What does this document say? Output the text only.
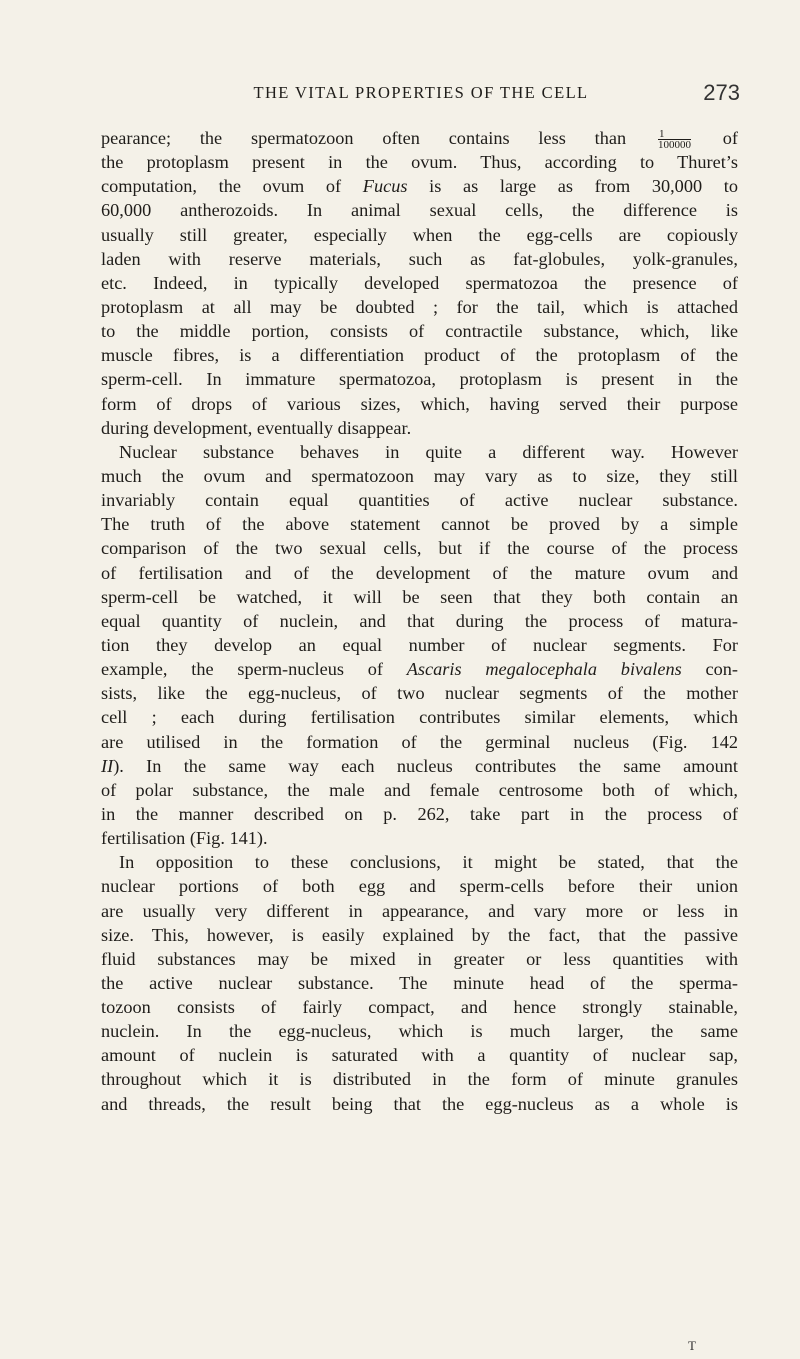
THE VITAL PROPERTIES OF THE CELL	273
pearance; the spermatozoon often contains less than $\frac{1}{100000}$ of
the protoplasm present in the ovum. Thus, according to Thuret’s
computation, the ovum of Fucus is as large as from 30,000 to
60,000 antherozoids. In animal sexual cells, the difference is
usually still greater, especially when the egg-cells are copiously
laden with reserve materials, such as fat-globules, yolk-granules,
etc. Indeed, in typically developed spermatozoa the presence of
protoplasm at all may be doubted ; for the tail, which is attached
to the middle portion, consists of contractile substance, which, like
muscle fibres, is a differentiation product of the protoplasm of the
sperm-cell. In immature spermatozoa, protoplasm is present in the
form of drops of various sizes, which, having served their purpose
during development, eventually disappear.
Nuclear substance behaves in quite a different way. However
much the ovum and spermatozoon may vary as to size, they still
invariably contain equal quantities of active nuclear substance.
The truth of the above statement cannot be proved by a simple
comparison of the two sexual cells, but if the course of the process
of fertilisation and of the development of the mature ovum and
sperm-cell be watched, it will be seen that they both contain an
equal quantity of nuclein, and that during the process of matura-
tion they develop an equal number of nuclear segments. For
example, the sperm-nucleus of Ascaris megalocephala bivalens con-
sists, like the egg-nucleus, of two nuclear segments of the mother
cell ; each during fertilisation contributes similar elements, which
are utilised in the formation of the germinal nucleus (Fig. 142
II). In the same way each nucleus contributes the same amount
of polar substance, the male and female centrosome both of which,
in the manner described on p. 262, take part in the process of
fertilisation (Fig. 141).
In opposition to these conclusions, it might be stated, that the
nuclear portions of both egg and sperm-cells before their union
are usually very different in appearance, and vary more or less in
size. This, however, is easily explained by the fact, that the passive
fluid substances may be mixed in greater or less quantities with
the active nuclear substance. The minute head of the sperma-
tozoon consists of fairly compact, and hence strongly stainable,
nuclein. In the egg-nucleus, which is much larger, the same
amount of nuclein is saturated with a quantity of nuclear sap,
throughout which it is distributed in the form of minute granules
and threads, the result being that the egg-nucleus as a whole is
T
